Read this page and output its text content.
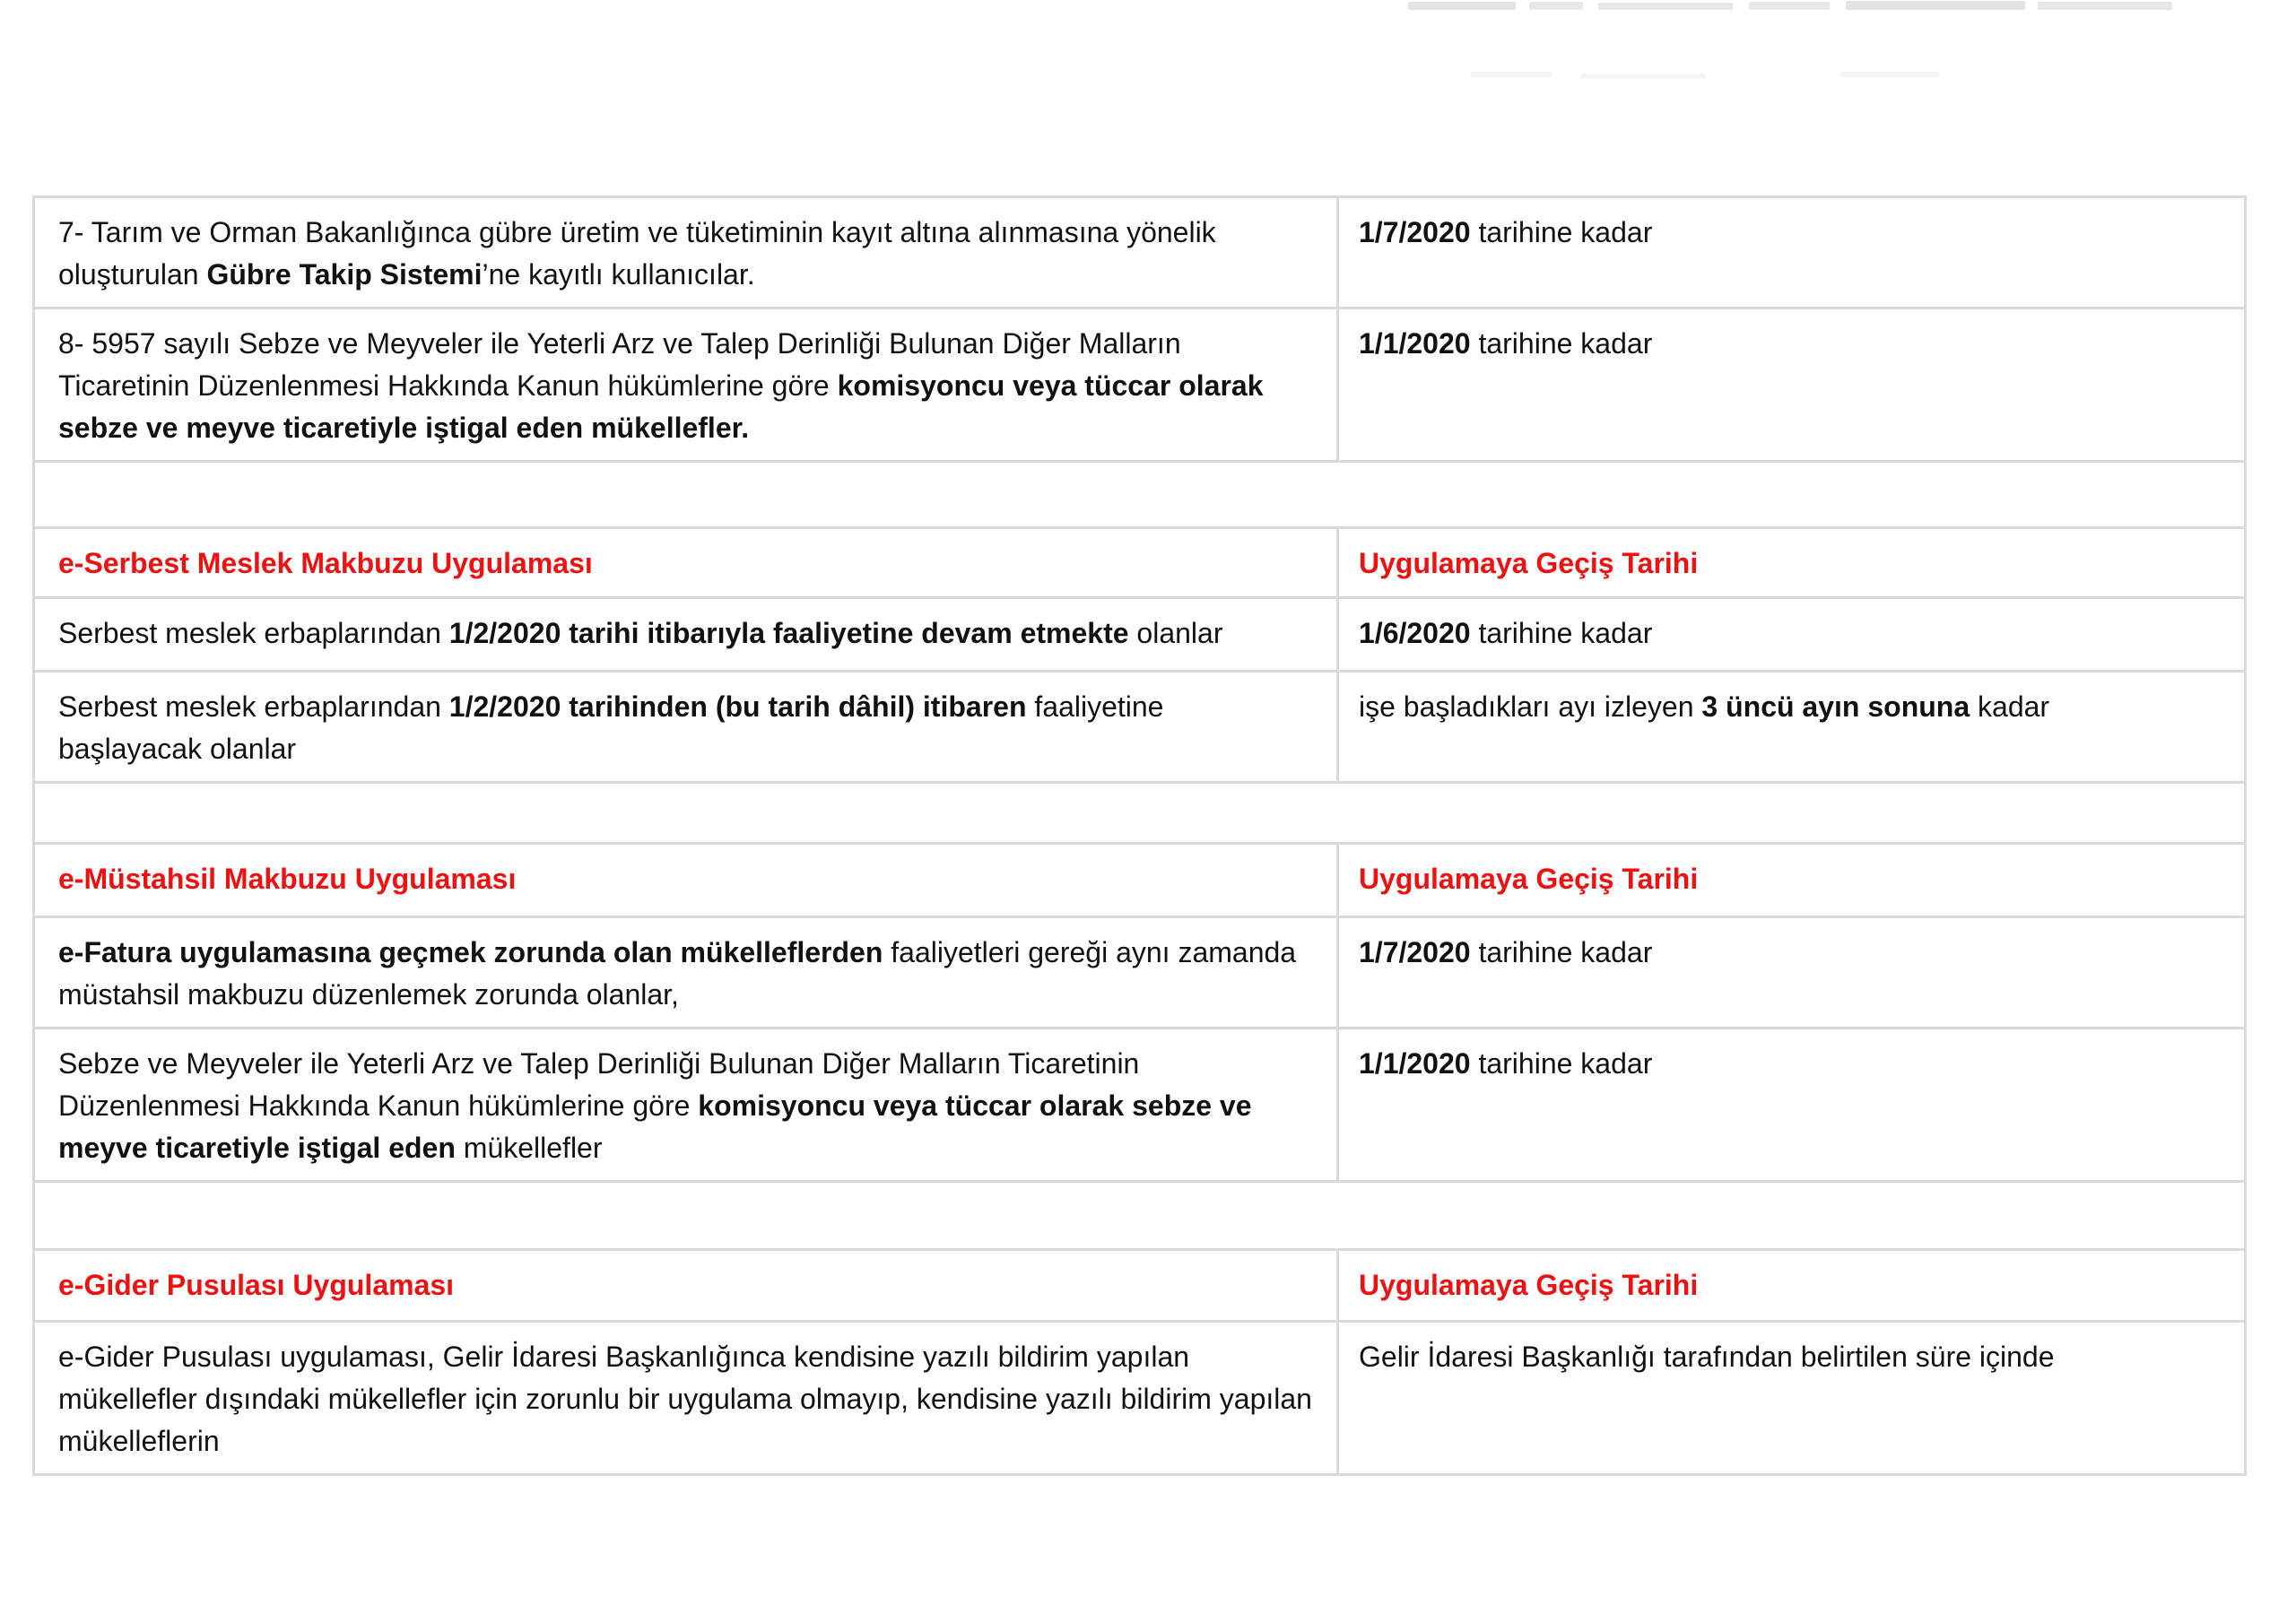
7- Tarım ve Orman Bakanlığınca gübre üretim ve tüketiminin kayıt altına alınmasına yönelik oluşturulan Gübre Takip Sistemi’ne kayıtlı kullanıcılar.	1/7/2020 tarihine kadar
8- 5957 sayılı Sebze ve Meyveler ile Yeterli Arz ve Talep Derinliği Bulunan Diğer Malların Ticaretinin Düzenlenmesi Hakkında Kanun hükümlerine göre komisyoncu veya tüccar olarak sebze ve meyve ticaretiyle iştigal eden mükellefler.	1/1/2020 tarihine kadar

e-Serbest Meslek Makbuzu Uygulaması	Uygulamaya Geçiş Tarihi
Serbest meslek erbaplarından 1/2/2020 tarihi itibarıyla faaliyetine devam etmekte olanlar	1/6/2020 tarihine kadar
Serbest meslek erbaplarından 1/2/2020 tarihinden (bu tarih dâhil) itibaren faaliyetine başlayacak olanlar	işe başladıkları ayı izleyen 3 üncü ayın sonuna kadar

e-Müstahsil Makbuzu Uygulaması	Uygulamaya Geçiş Tarihi
e-Fatura uygulamasına geçmek zorunda olan mükelleflerden faaliyetleri gereği aynı zamanda müstahsil makbuzu düzenlemek zorunda olanlar,	1/7/2020 tarihine kadar
Sebze ve Meyveler ile Yeterli Arz ve Talep Derinliği Bulunan Diğer Malların Ticaretinin Düzenlenmesi Hakkında Kanun hükümlerine göre komisyoncu veya tüccar olarak sebze ve meyve ticaretiyle iştigal eden mükellefler	1/1/2020 tarihine kadar

e-Gider Pusulası Uygulaması	Uygulamaya Geçiş Tarihi
e-Gider Pusulası uygulaması, Gelir İdaresi Başkanlığınca kendisine yazılı bildirim yapılan mükellefler dışındaki mükellefler için zorunlu bir uygulama olmayıp, kendisine yazılı bildirim yapılan mükelleflerin	Gelir İdaresi Başkanlığı tarafından belirtilen süre içinde
